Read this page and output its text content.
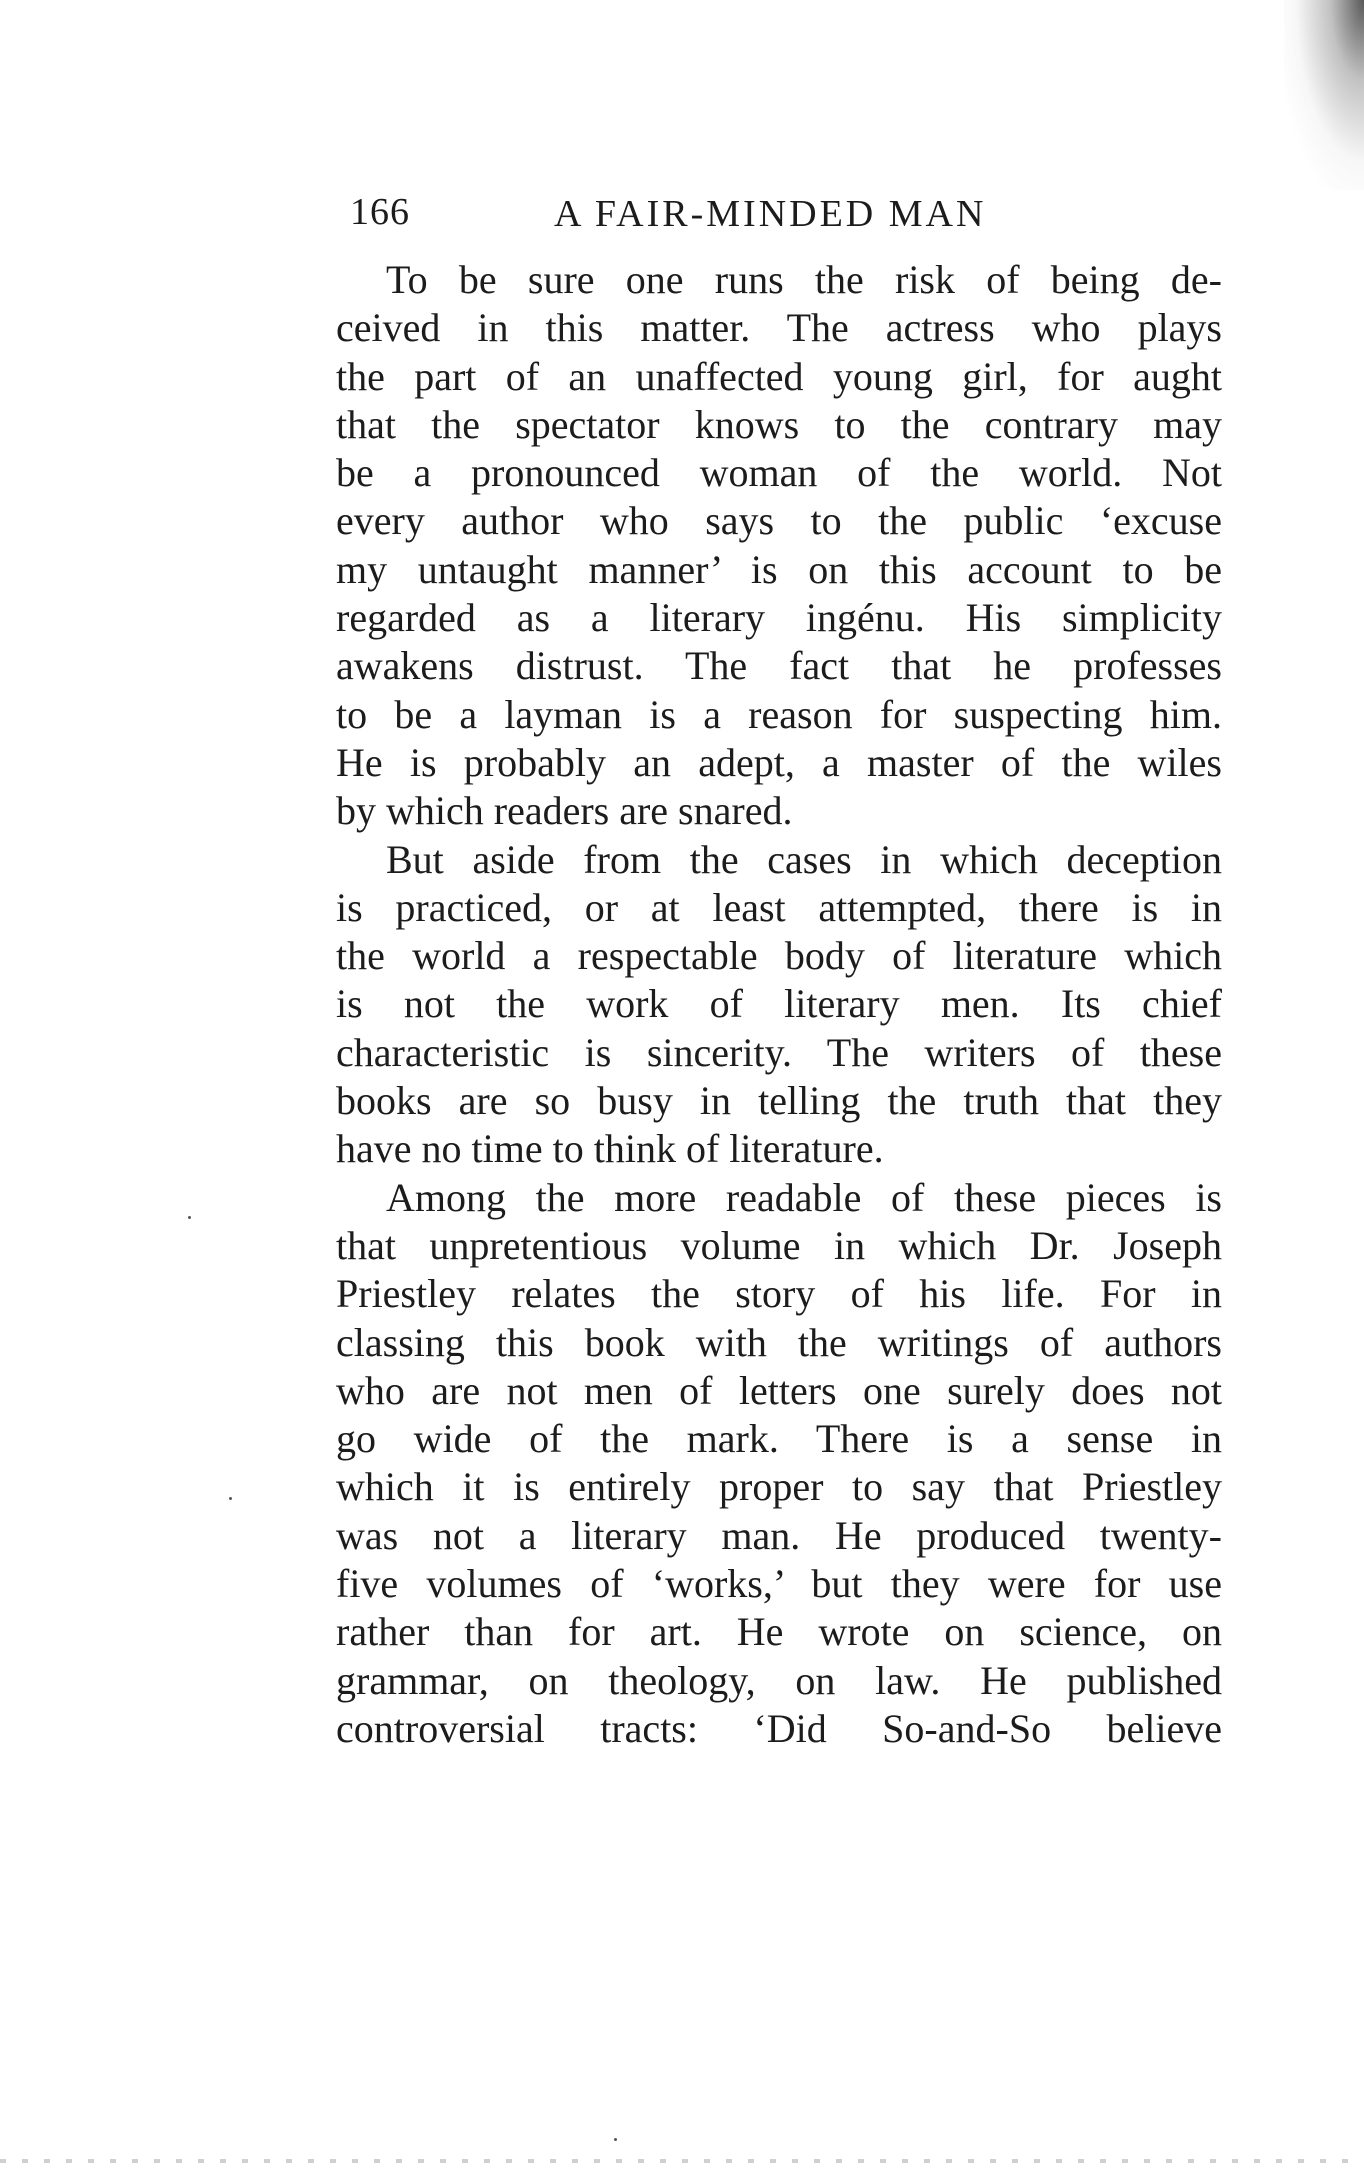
166	A FAIR-MINDED MAN
To be sure one runs the risk of being de-
ceived in this matter. The actress who plays
the part of an unaffected young girl, for aught
that the spectator knows to the contrary may
be a pronounced woman of the world. Not
every author who says to the public ‘excuse
my untaught manner’ is on this account to be
regarded as a literary ingénu. His simplicity
awakens distrust. The fact that he professes
to be a layman is a reason for suspecting him.
He is probably an adept, a master of the wiles
by which readers are snared.
But aside from the cases in which deception
is practiced, or at least attempted, there is in
the world a respectable body of literature which
is not the work of literary men. Its chief
characteristic is sincerity. The writers of these
books are so busy in telling the truth that they
have no time to think of literature.
Among the more readable of these pieces is
that unpretentious volume in which Dr. Joseph
Priestley relates the story of his life. For in
classing this book with the writings of authors
who are not men of letters one surely does not
go wide of the mark. There is a sense in
which it is entirely proper to say that Priestley
was not a literary man. He produced twenty-
five volumes of ‘works,’ but they were for use
rather than for art. He wrote on science, on
grammar, on theology, on law. He published
controversial tracts: ‘Did So-and-So believe
